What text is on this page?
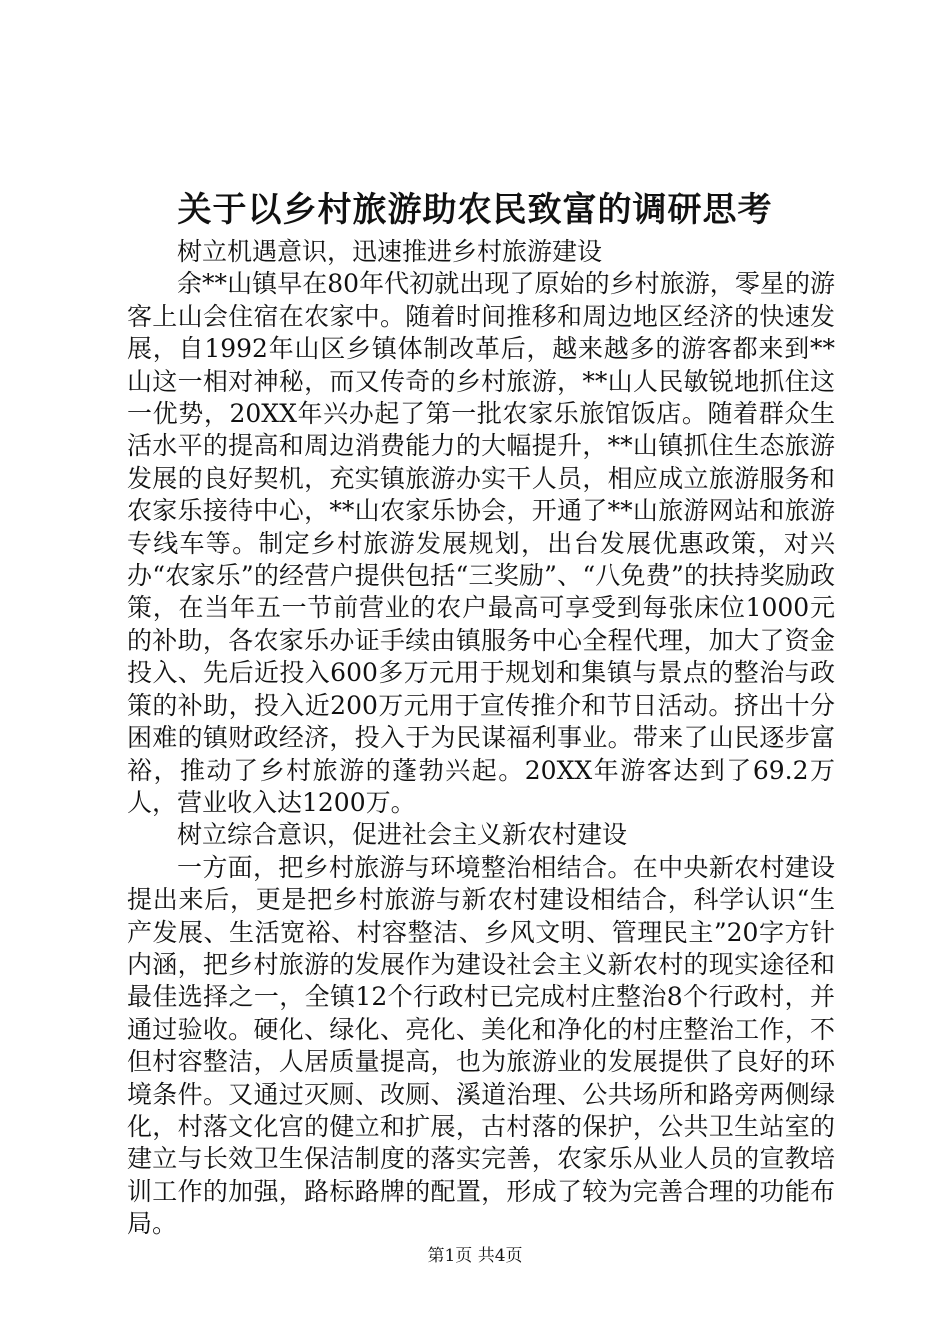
关于以乡村旅游助农民致富的调研思考

树立机遇意识，迅速推进乡村旅游建设

余**山镇早在80年代初就出现了原始的乡村旅游，零星的游客上山会住宿在农家中。随着时间推移和周边地区经济的快速发展，自1992年山区乡镇体制改革后，越来越多的游客都来到**山这一相对神秘，而又传奇的乡村旅游，**山人民敏锐地抓住这一优势，20XX年兴办起了第一批农家乐旅馆饭店。随着群众生活水平的提高和周边消费能力的大幅提升，**山镇抓住生态旅游发展的良好契机，充实镇旅游办实干人员，相应成立旅游服务和农家乐接待中心，**山农家乐协会，开通了**山旅游网站和旅游专线车等。制定乡村旅游发展规划，出台发展优惠政策，对兴办“农家乐”的经营户提供包括“三奖励”、“八免费”的扶持奖励政策，在当年五一节前营业的农户最高可享受到每张床位1000元的补助，各农家乐办证手续由镇服务中心全程代理，加大了资金投入、先后近投入600多万元用于规划和集镇与景点的整治与政策的补助，投入近200万元用于宣传推介和节日活动。挤出十分困难的镇财政经济，投入于为民谋福利事业。带来了山民逐步富裕，推动了乡村旅游的蓬勃兴起。20XX年游客达到了69.2万人，营业收入达1200万。

树立综合意识，促进社会主义新农村建设

一方面，把乡村旅游与环境整治相结合。在中央新农村建设提出来后，更是把乡村旅游与新农村建设相结合，科学认识“生产发展、生活宽裕、村容整洁、乡风文明、管理民主”20字方针内涵，把乡村旅游的发展作为建设社会主义新农村的现实途径和最佳选择之一，全镇12个行政村已完成村庄整治8个行政村，并通过验收。硬化、绿化、亮化、美化和净化的村庄整治工作，不但村容整洁，人居质量提高，也为旅游业的发展提供了良好的环境条件。又通过灭厕、改厕、溪道治理、公共场所和路旁两侧绿化，村落文化宫的健立和扩展，古村落的保护，公共卫生站室的建立与长效卫生保洁制度的落实完善，农家乐从业人员的宣教培训工作的加强，路标路牌的配置，形成了较为完善合理的功能布局。

第1页 共4页
